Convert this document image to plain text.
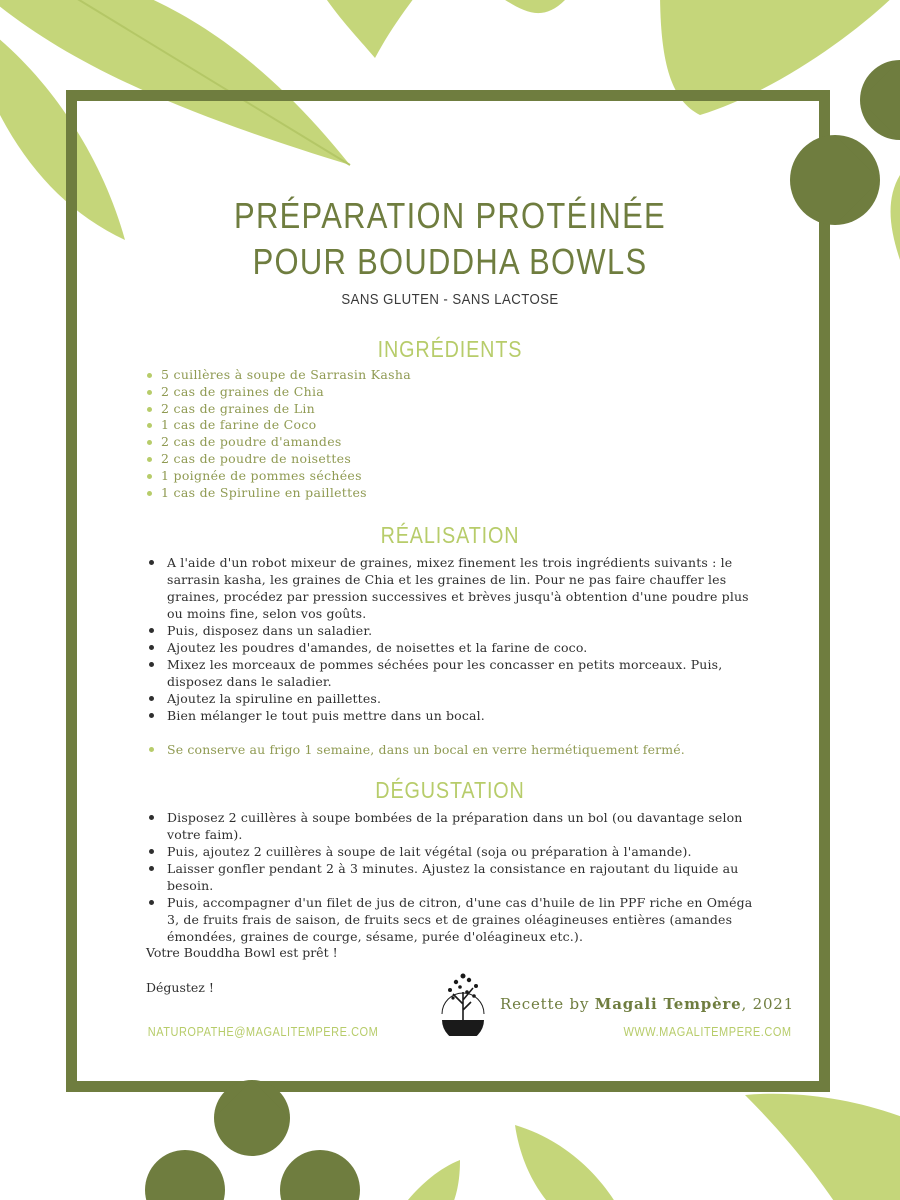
PRÉPARATION PROTÉINÉE
POUR BOUDDHA BOWLS

SANS GLUTEN - SANS LACTOSE

INGRÉDIENTS
5 cuillères à soupe de Sarrasin Kasha
2 cas de graines de Chia
2 cas de graines de Lin
1 cas de farine de Coco
2 cas de poudre d'amandes
2 cas de poudre de noisettes
1 poignée de pommes séchées
1 cas de Spiruline en paillettes
RÉALISATION
A l'aide d'un robot mixeur de graines, mixez finement les trois ingrédients suivants : le sarrasin kasha, les graines de Chia et les graines de lin. Pour ne pas faire chauffer les graines, procédez par pression successives et brèves jusqu'à obtention d'une poudre plus ou moins fine, selon vos goûts.
Puis, disposez dans un saladier.
Ajoutez les poudres d'amandes, de noisettes et la farine de coco.
Mixez les morceaux de pommes séchées pour les concasser en petits morceaux. Puis, disposez dans le saladier.
Ajoutez la spiruline en paillettes.
Bien mélanger le tout puis mettre dans un bocal.
Se conserve au frigo 1 semaine, dans un bocal en verre hermétiquement fermé.
DÉGUSTATION
Disposez 2 cuillères à soupe bombées de la préparation dans un bol (ou davantage selon votre faim).
Puis, ajoutez 2 cuillères à soupe de lait végétal (soja ou préparation à l'amande).
Laisser gonfler pendant 2 à 3 minutes. Ajustez la consistance en rajoutant du liquide au besoin.
Puis, accompagner d'un filet de jus de citron, d'une cas d'huile de lin PPF riche en Oméga 3, de fruits frais de saison, de fruits secs et de graines oléagineuses entières (amandes émondées, graines de courge, sésame, purée d'oléagineux etc.).

Votre Bouddha Bowl est prêt !

Dégustez !

Recette by Magali Tempère, 2021

NATUROPATHE@MAGALITEMPERE.COM	WWW.MAGALITEMPERE.COM
